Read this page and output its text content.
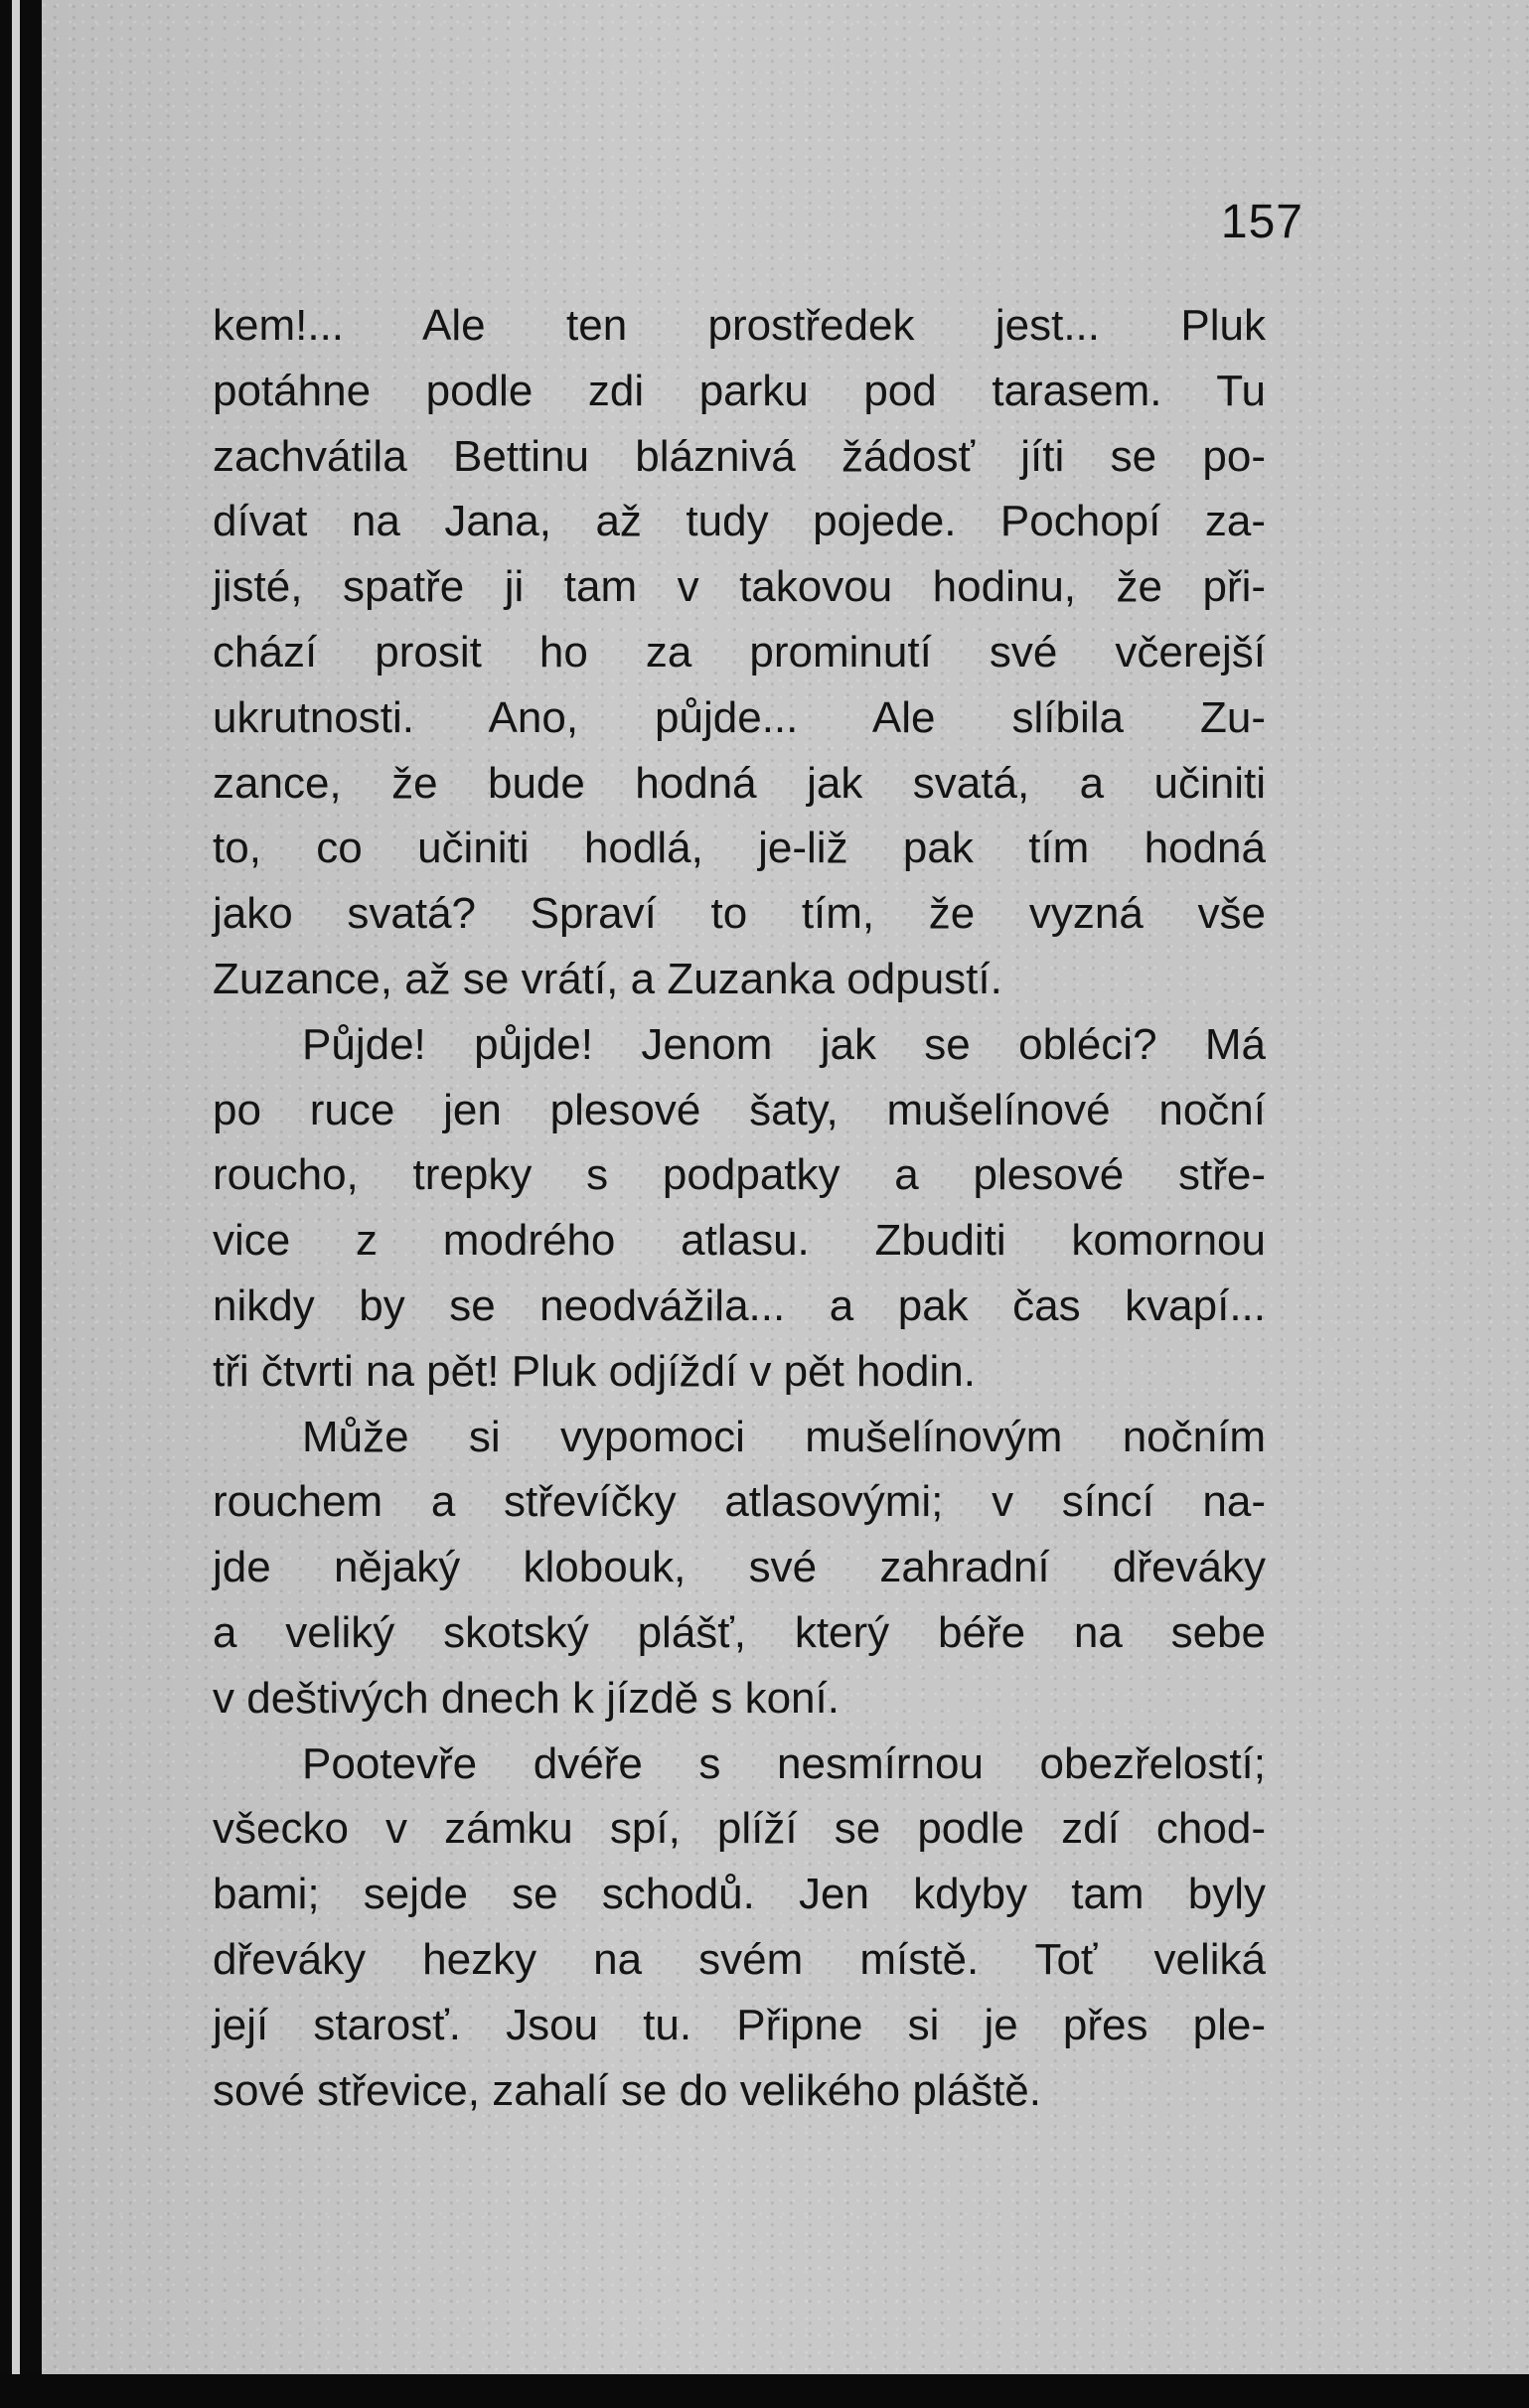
157
kem!... Ale ten prostředek jest... Pluk
potáhne podle zdi parku pod tarasem. Tu
zachvátila Bettinu bláznivá žádosť jíti se po-
dívat na Jana, až tudy pojede. Pochopí za-
jisté, spatře ji tam v takovou hodinu, že při-
chází prosit ho za prominutí své včerejší
ukrutnosti. Ano, půjde... Ale slíbila Zu-
zance, že bude hodná jak svatá, a učiniti
to, co učiniti hodlá, je-liž pak tím hodná
jako svatá? Spraví to tím, že vyzná vše
Zuzance, až se vrátí, a Zuzanka odpustí.
Půjde! půjde! Jenom jak se obléci? Má
po ruce jen plesové šaty, mušelínové noční
roucho, trepky s podpatky a plesové stře-
vice z modrého atlasu. Zbuditi komornou
nikdy by se neodvážila... a pak čas kvapí...
tři čtvrti na pět! Pluk odjíždí v pět hodin.
Může si vypomoci mušelínovým nočním
rouchem a střevíčky atlasovými; v síncí na-
jde nějaký klobouk, své zahradní dřeváky
a veliký skotský plášť, který béře na sebe
v deštivých dnech k jízdě s koní.
Pootevře dvéře s nesmírnou obezřelostí;
všecko v zámku spí, plíží se podle zdí chod-
bami; sejde se schodů. Jen kdyby tam byly
dřeváky hezky na svém místě. Toť veliká
její starosť. Jsou tu. Připne si je přes ple-
sové střevice, zahalí se do velikého pláště.
